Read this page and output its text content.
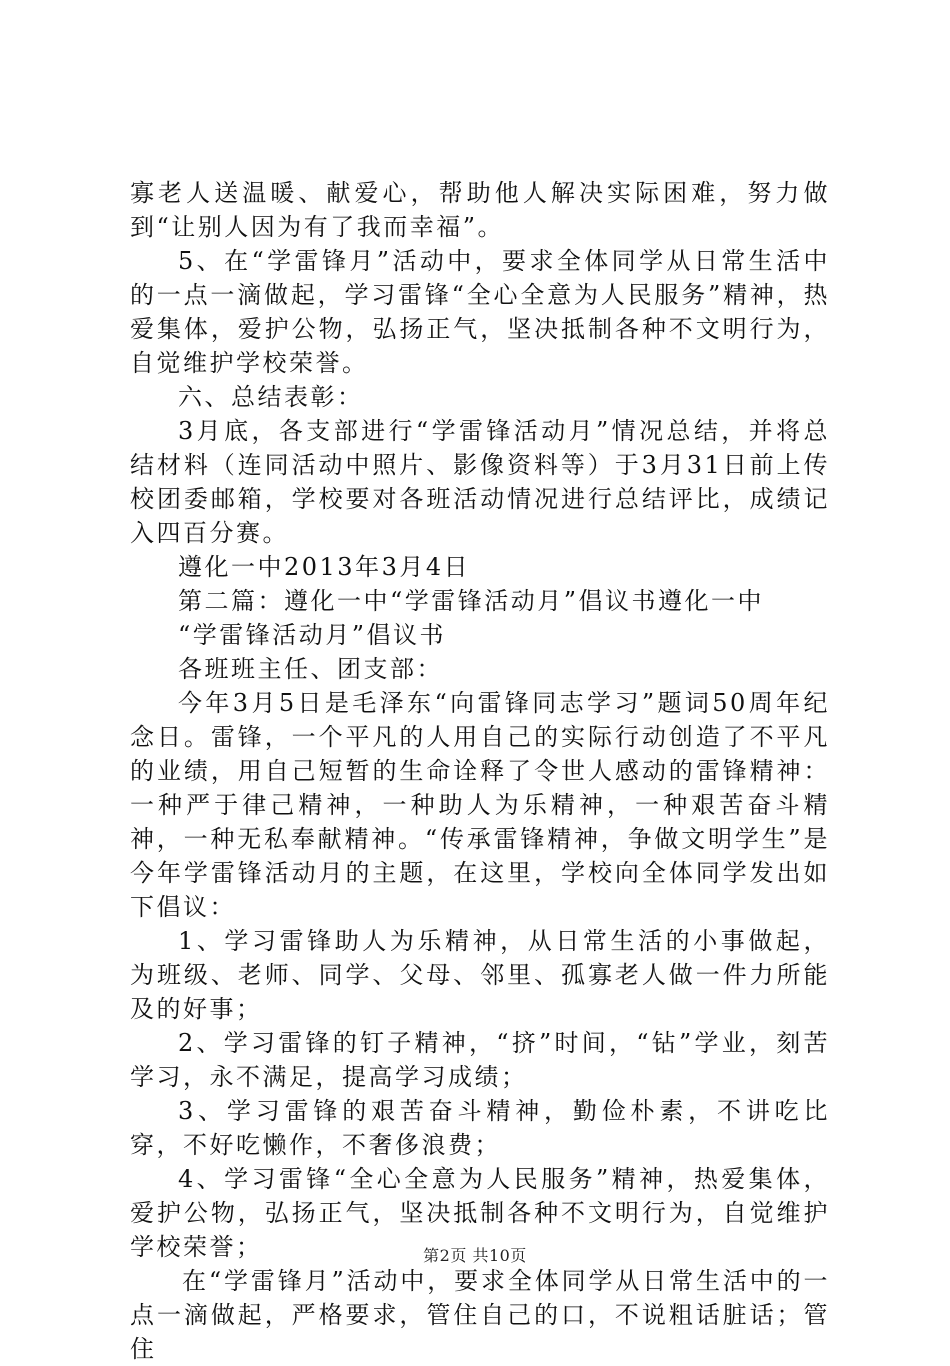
寡老人送温暖、献爱心，帮助他人解决实际困难，努力做到“让别人因为有了我而幸福”。

5、在“学雷锋月”活动中，要求全体同学从日常生活中的一点一滴做起，学习雷锋“全心全意为人民服务”精神，热爱集体，爱护公物，弘扬正气，坚决抵制各种不文明行为，自觉维护学校荣誉。

六、总结表彰：

3月底，各支部进行“学雷锋活动月”情况总结，并将总结材料（连同活动中照片、影像资料等）于3月31日前上传校团委邮箱，学校要对各班活动情况进行总结评比，成绩记入四百分赛。

遵化一中2013年3月4日

第二篇：遵化一中“学雷锋活动月”倡议书遵化一中

“学雷锋活动月”倡议书

各班班主任、团支部：

今年3月5日是毛泽东“向雷锋同志学习”题词50周年纪念日。雷锋，一个平凡的人用自己的实际行动创造了不平凡的业绩，用自己短暂的生命诠释了令世人感动的雷锋精神：一种严于律己精神，一种助人为乐精神，一种艰苦奋斗精神，一种无私奉献精神。“传承雷锋精神，争做文明学生”是今年学雷锋活动月的主题，在这里，学校向全体同学发出如下倡议：

1、学习雷锋助人为乐精神，从日常生活的小事做起，为班级、老师、同学、父母、邻里、孤寡老人做一件力所能及的好事；

2、学习雷锋的钉子精神，“挤”时间，“钻”学业，刻苦学习，永不满足，提高学习成绩；

3、学习雷锋的艰苦奋斗精神，勤俭朴素，不讲吃比穿，不好吃懒作，不奢侈浪费；

4、学习雷锋“全心全意为人民服务”精神，热爱集体，爱护公物，弘扬正气，坚决抵制各种不文明行为，自觉维护学校荣誉；

在“学雷锋月”活动中，要求全体同学从日常生活中的一点一滴做起，严格要求，管住自己的口，不说粗话脏话；管住

第2页 共10页
